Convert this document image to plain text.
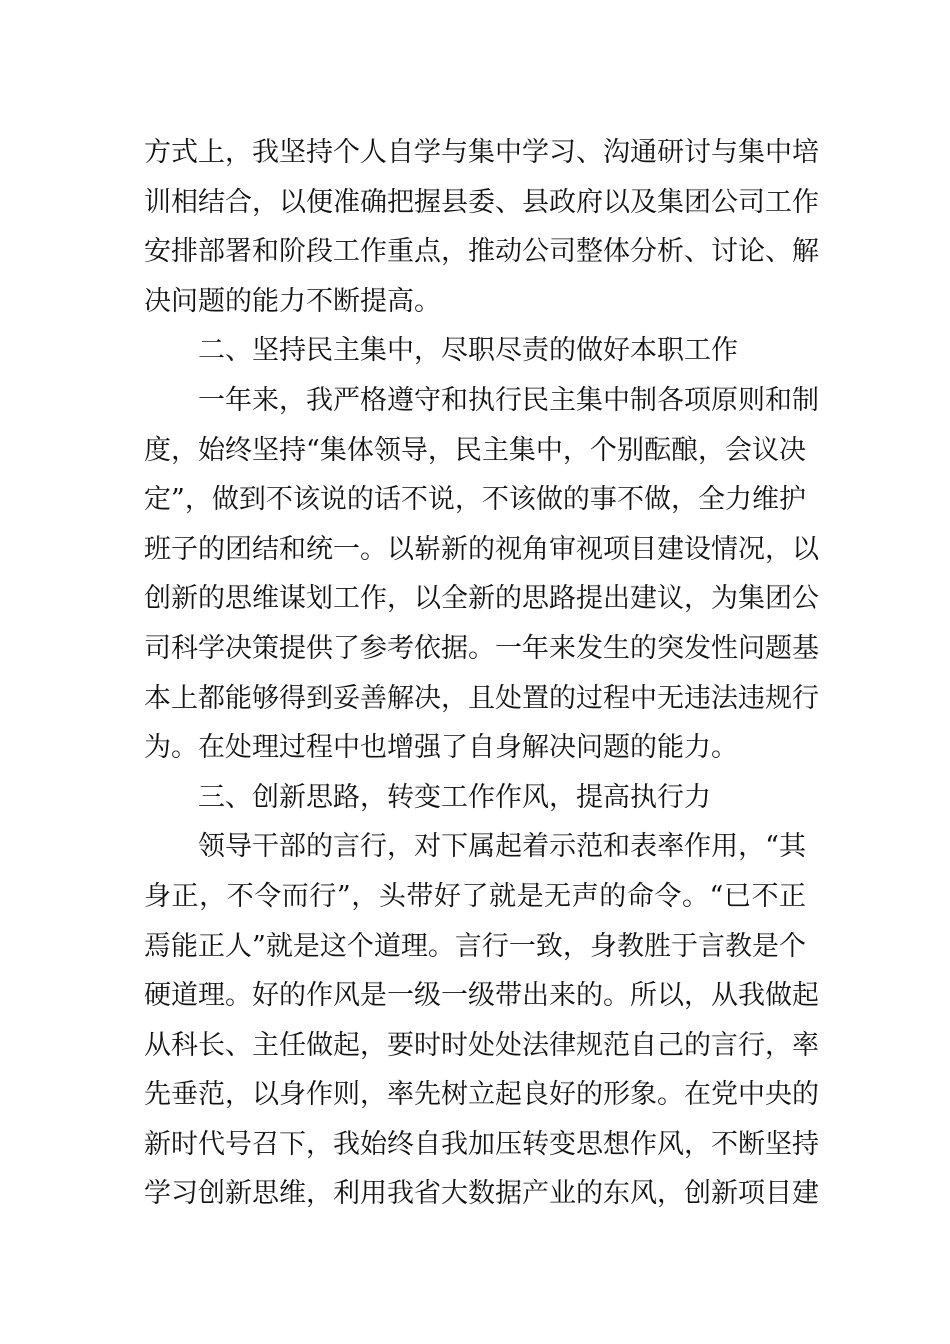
方式上，我坚持个人自学与集中学习、沟通研讨与集中培
训相结合，以便准确把握县委、县政府以及集团公司工作
安排部署和阶段工作重点，推动公司整体分析、讨论、解
决问题的能力不断提高。
二、坚持民主集中，尽职尽责的做好本职工作
一年来，我严格遵守和执行民主集中制各项原则和制
度，始终坚持“集体领导，民主集中，个别酝酿，会议决
定”，做到不该说的话不说，不该做的事不做，全力维护
班子的团结和统一。以崭新的视角审视项目建设情况，以
创新的思维谋划工作，以全新的思路提出建议，为集团公
司科学决策提供了参考依据。一年来发生的突发性问题基
本上都能够得到妥善解决，且处置的过程中无违法违规行
为。在处理过程中也增强了自身解决问题的能力。
三、创新思路，转变工作作风，提高执行力
领导干部的言行，对下属起着示范和表率作用，“其
身正，不令而行”，头带好了就是无声的命令。“已不正
焉能正人”就是这个道理。言行一致，身教胜于言教是个
硬道理。好的作风是一级一级带出来的。所以，从我做起
从科长、主任做起，要时时处处法律规范自己的言行，率
先垂范，以身作则，率先树立起良好的形象。在党中央的
新时代号召下，我始终自我加压转变思想作风，不断坚持
学习创新思维，利用我省大数据产业的东风，创新项目建
